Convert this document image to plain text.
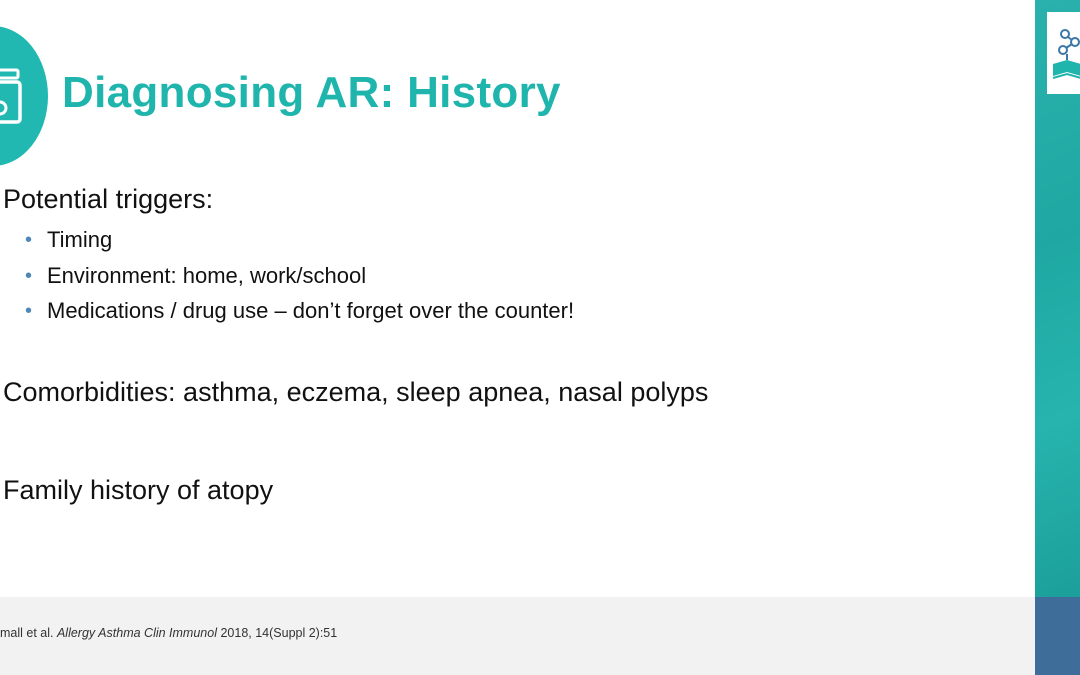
Diagnosing AR: History
Potential triggers:
• Timing
• Environment: home, work/school
• Medications / drug use – don’t forget over the counter!
Comorbidities: asthma, eczema, sleep apnea, nasal polyps
Family history of atopy
mall et al. Allergy Asthma Clin Immunol 2018, 14(Suppl 2):51
